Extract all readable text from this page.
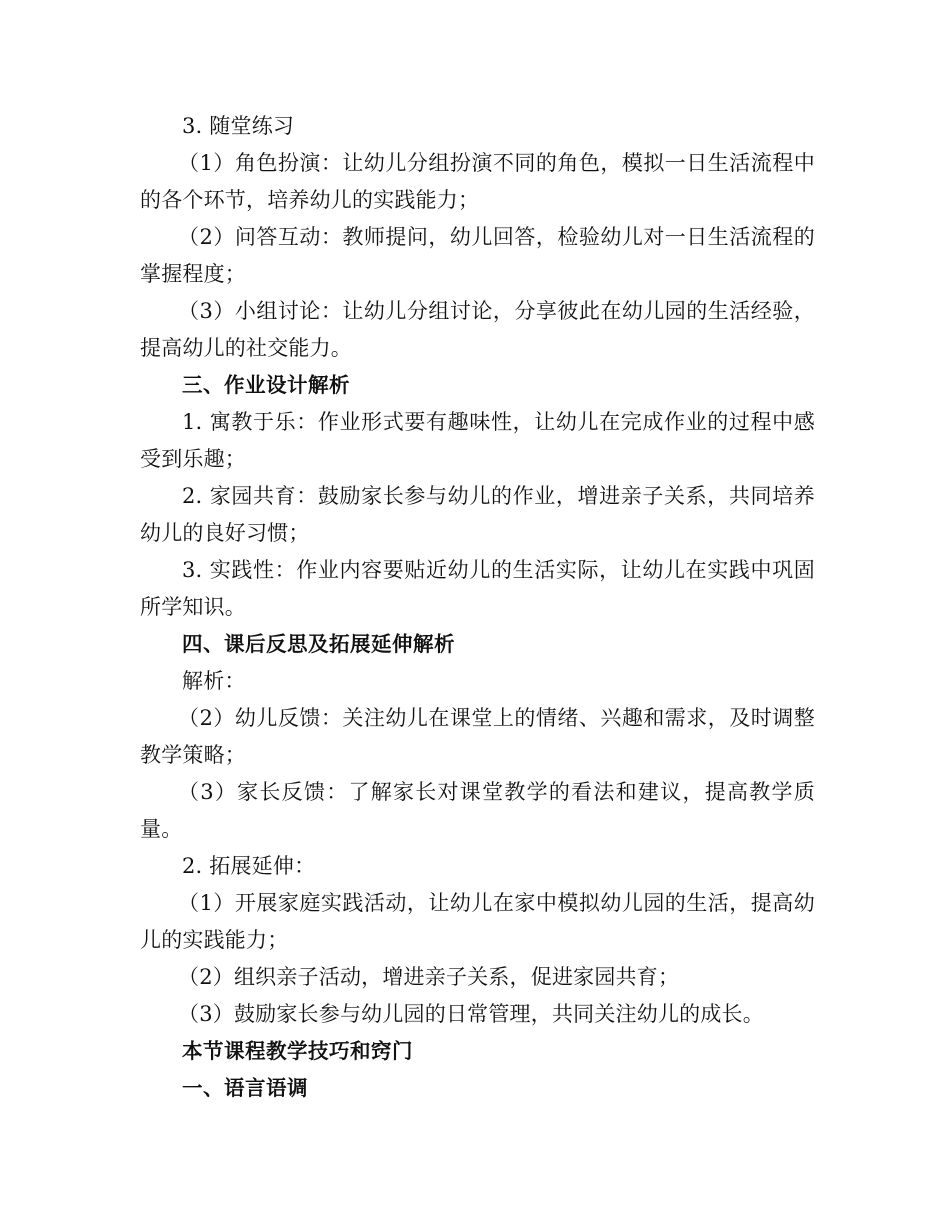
3. 随堂练习

（1）角色扮演：让幼儿分组扮演不同的角色，模拟一日生活流程中的各个环节，培养幼儿的实践能力；

（2）问答互动：教师提问，幼儿回答，检验幼儿对一日生活流程的掌握程度；

（3）小组讨论：让幼儿分组讨论，分享彼此在幼儿园的生活经验，提高幼儿的社交能力。

三、作业设计解析

1. 寓教于乐：作业形式要有趣味性，让幼儿在完成作业的过程中感受到乐趣；

2. 家园共育：鼓励家长参与幼儿的作业，增进亲子关系，共同培养幼儿的良好习惯；

3. 实践性：作业内容要贴近幼儿的生活实际，让幼儿在实践中巩固所学知识。

四、课后反思及拓展延伸解析

解析：

（2）幼儿反馈：关注幼儿在课堂上的情绪、兴趣和需求，及时调整教学策略；

（3）家长反馈：了解家长对课堂教学的看法和建议，提高教学质量。

2. 拓展延伸：

（1）开展家庭实践活动，让幼儿在家中模拟幼儿园的生活，提高幼儿的实践能力；

（2）组织亲子活动，增进亲子关系，促进家园共育；

（3）鼓励家长参与幼儿园的日常管理，共同关注幼儿的成长。

本节课程教学技巧和窍门

一、语言语调
